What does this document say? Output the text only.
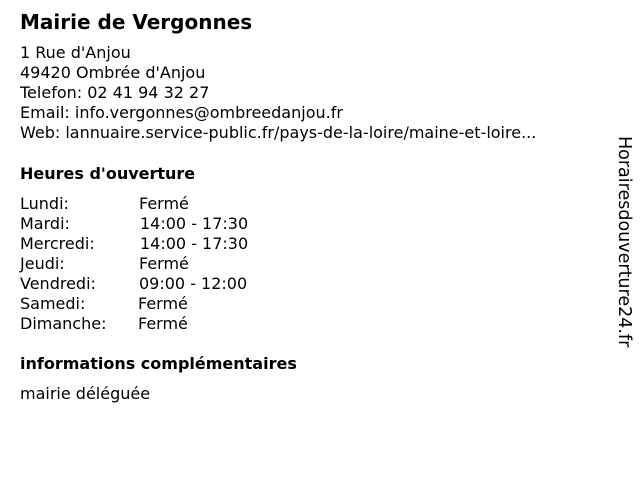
Mairie de Vergonnes
1 Rue d'Anjou
49420 Ombrée d'Anjou
Telefon: 02 41 94 32 27
Email: info.vergonnes@ombreedanjou.fr
Web: lannuaire.service-public.fr/pays-de-la-loire/maine-et-loire...
Heures d'ouverture
Lundi:	Fermé
Mardi:	14:00 - 17:30
Mercredi:	14:00 - 17:30
Jeudi:	Fermé
Vendredi:	09:00 - 12:00
Samedi:	Fermé
Dimanche: Fermé
informations complémentaires
mairie déléguée
Horairesdouverture24.fr
